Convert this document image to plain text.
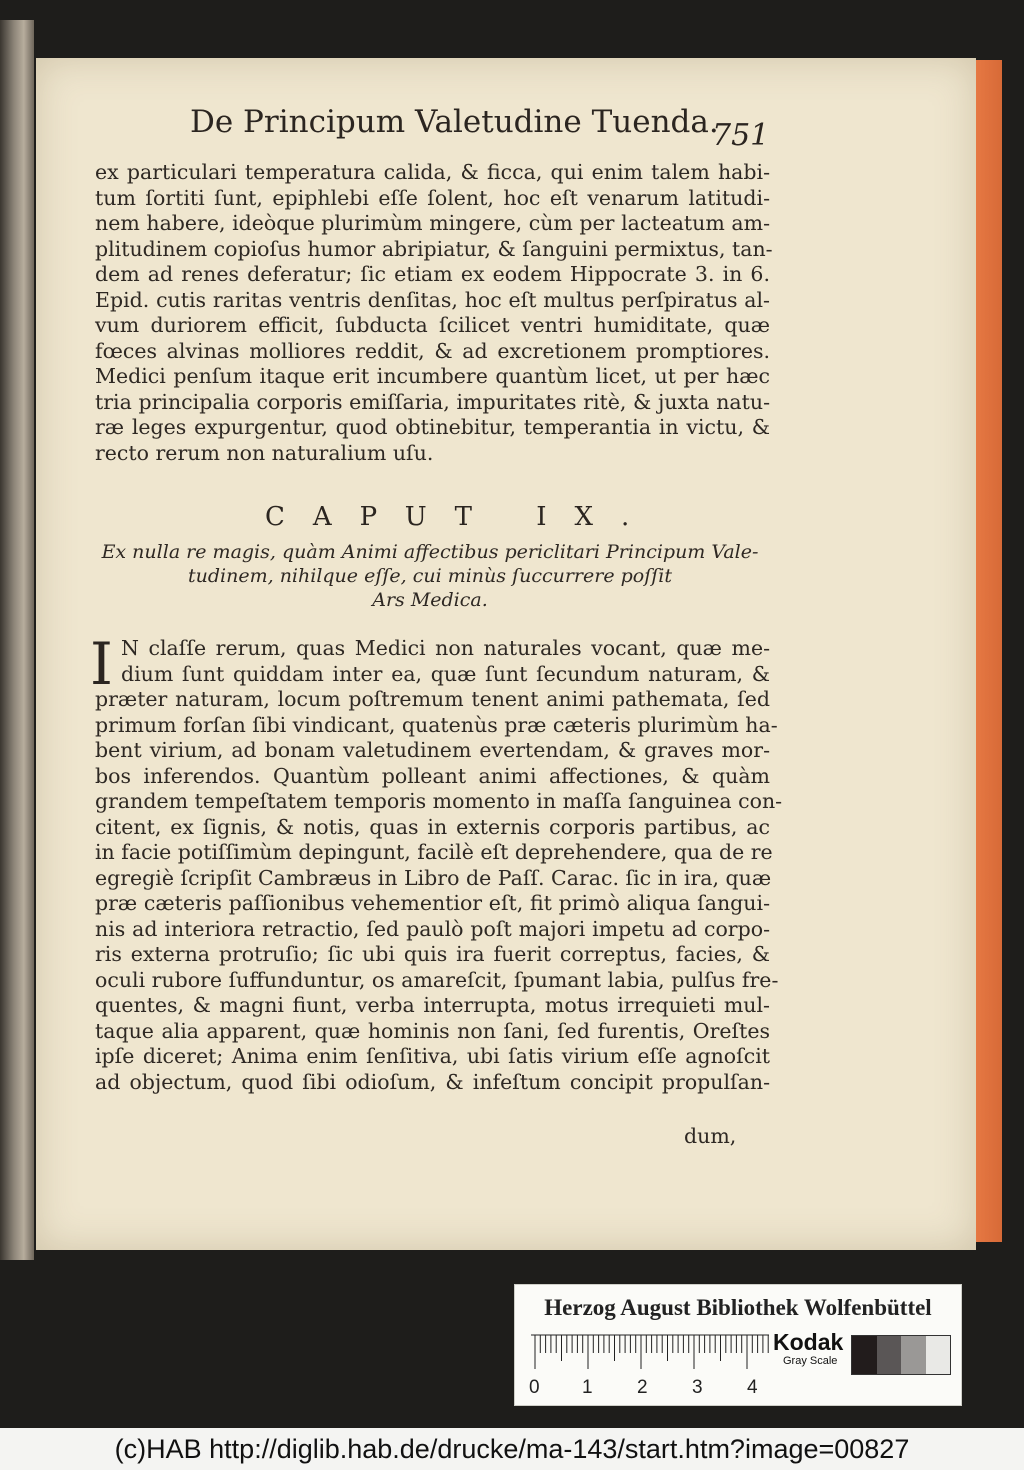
De Principum Valetudine Tuenda.
751
ex particulari temperatura calida, & ficca, qui enim talem habi-
tum ſortiti ſunt, epiphlebi eſſe ſolent, hoc eſt venarum latitudi-
nem habere, ideòque plurimùm mingere, cùm per lacteatum am-
plitudinem copioſus humor abripiatur, & ſanguini permixtus, tan-
dem ad renes deferatur; ſic etiam ex eodem Hippocrate 3. in 6.
Epid. cutis raritas ventris denſitas, hoc eſt multus perſpiratus al-
vum duriorem efficit, ſubducta ſcilicet ventri humiditate, quæ
fœces alvinas molliores reddit, & ad excretionem promptiores.
Medici penſum itaque erit incumbere quantùm licet, ut per hæc
tria principalia corporis emiſſaria, impuritates ritè, & juxta natu-
ræ leges expurgentur, quod obtinebitur, temperantia in victu, &
recto rerum non naturalium uſu.
CAPUT IX.
Ex nulla re magis, quàm Animi affectibus periclitari Principum Vale-
tudinem, nihilque eſſe, cui minùs ſuccurrere poſſit
Ars Medica.
I N claſſe rerum, quas Medici non naturales vocant, quæ me-
dium ſunt quiddam inter ea, quæ ſunt ſecundum naturam, &
præter naturam, locum poſtremum tenent animi pathemata, ſed
primum forſan ſibi vindicant, quatenùs præ cæteris plurimùm ha-
bent virium, ad bonam valetudinem evertendam, & graves mor-
bos inferendos. Quantùm polleant animi affectiones, & quàm
grandem tempeſtatem temporis momento in maſſa ſanguinea con-
citent, ex ſignis, & notis, quas in externis corporis partibus, ac
in facie potiſſimùm depingunt, facilè eſt deprehendere, qua de re
egregiè ſcripſit Cambræus in Libro de Paſſ. Carac. ſic in ira, quæ
præ cæteris paſſionibus vehementior eſt, fit primò aliqua ſangui-
nis ad interiora retractio, ſed paulò poſt majori impetu ad corpo-
ris externa protruſio; ſic ubi quis ira fuerit correptus, facies, &
oculi rubore ſuffunduntur, os amareſcit, ſpumant labia, pulſus fre-
quentes, & magni fiunt, verba interrupta, motus irrequieti mul-
taque alia apparent, quæ hominis non ſani, ſed furentis, Oreſtes
ipſe diceret; Anima enim ſenſitiva, ubi ſatis virium eſſe agnoſcit
ad objectum, quod ſibi odioſum, & infeſtum concipit propulſan-
dum,
Herzog August Bibliothek Wolfenbüttel
0 1 2 3 4
Kodak
Gray Scale
(c)HAB http://diglib.hab.de/drucke/ma-143/start.htm?image=00827
